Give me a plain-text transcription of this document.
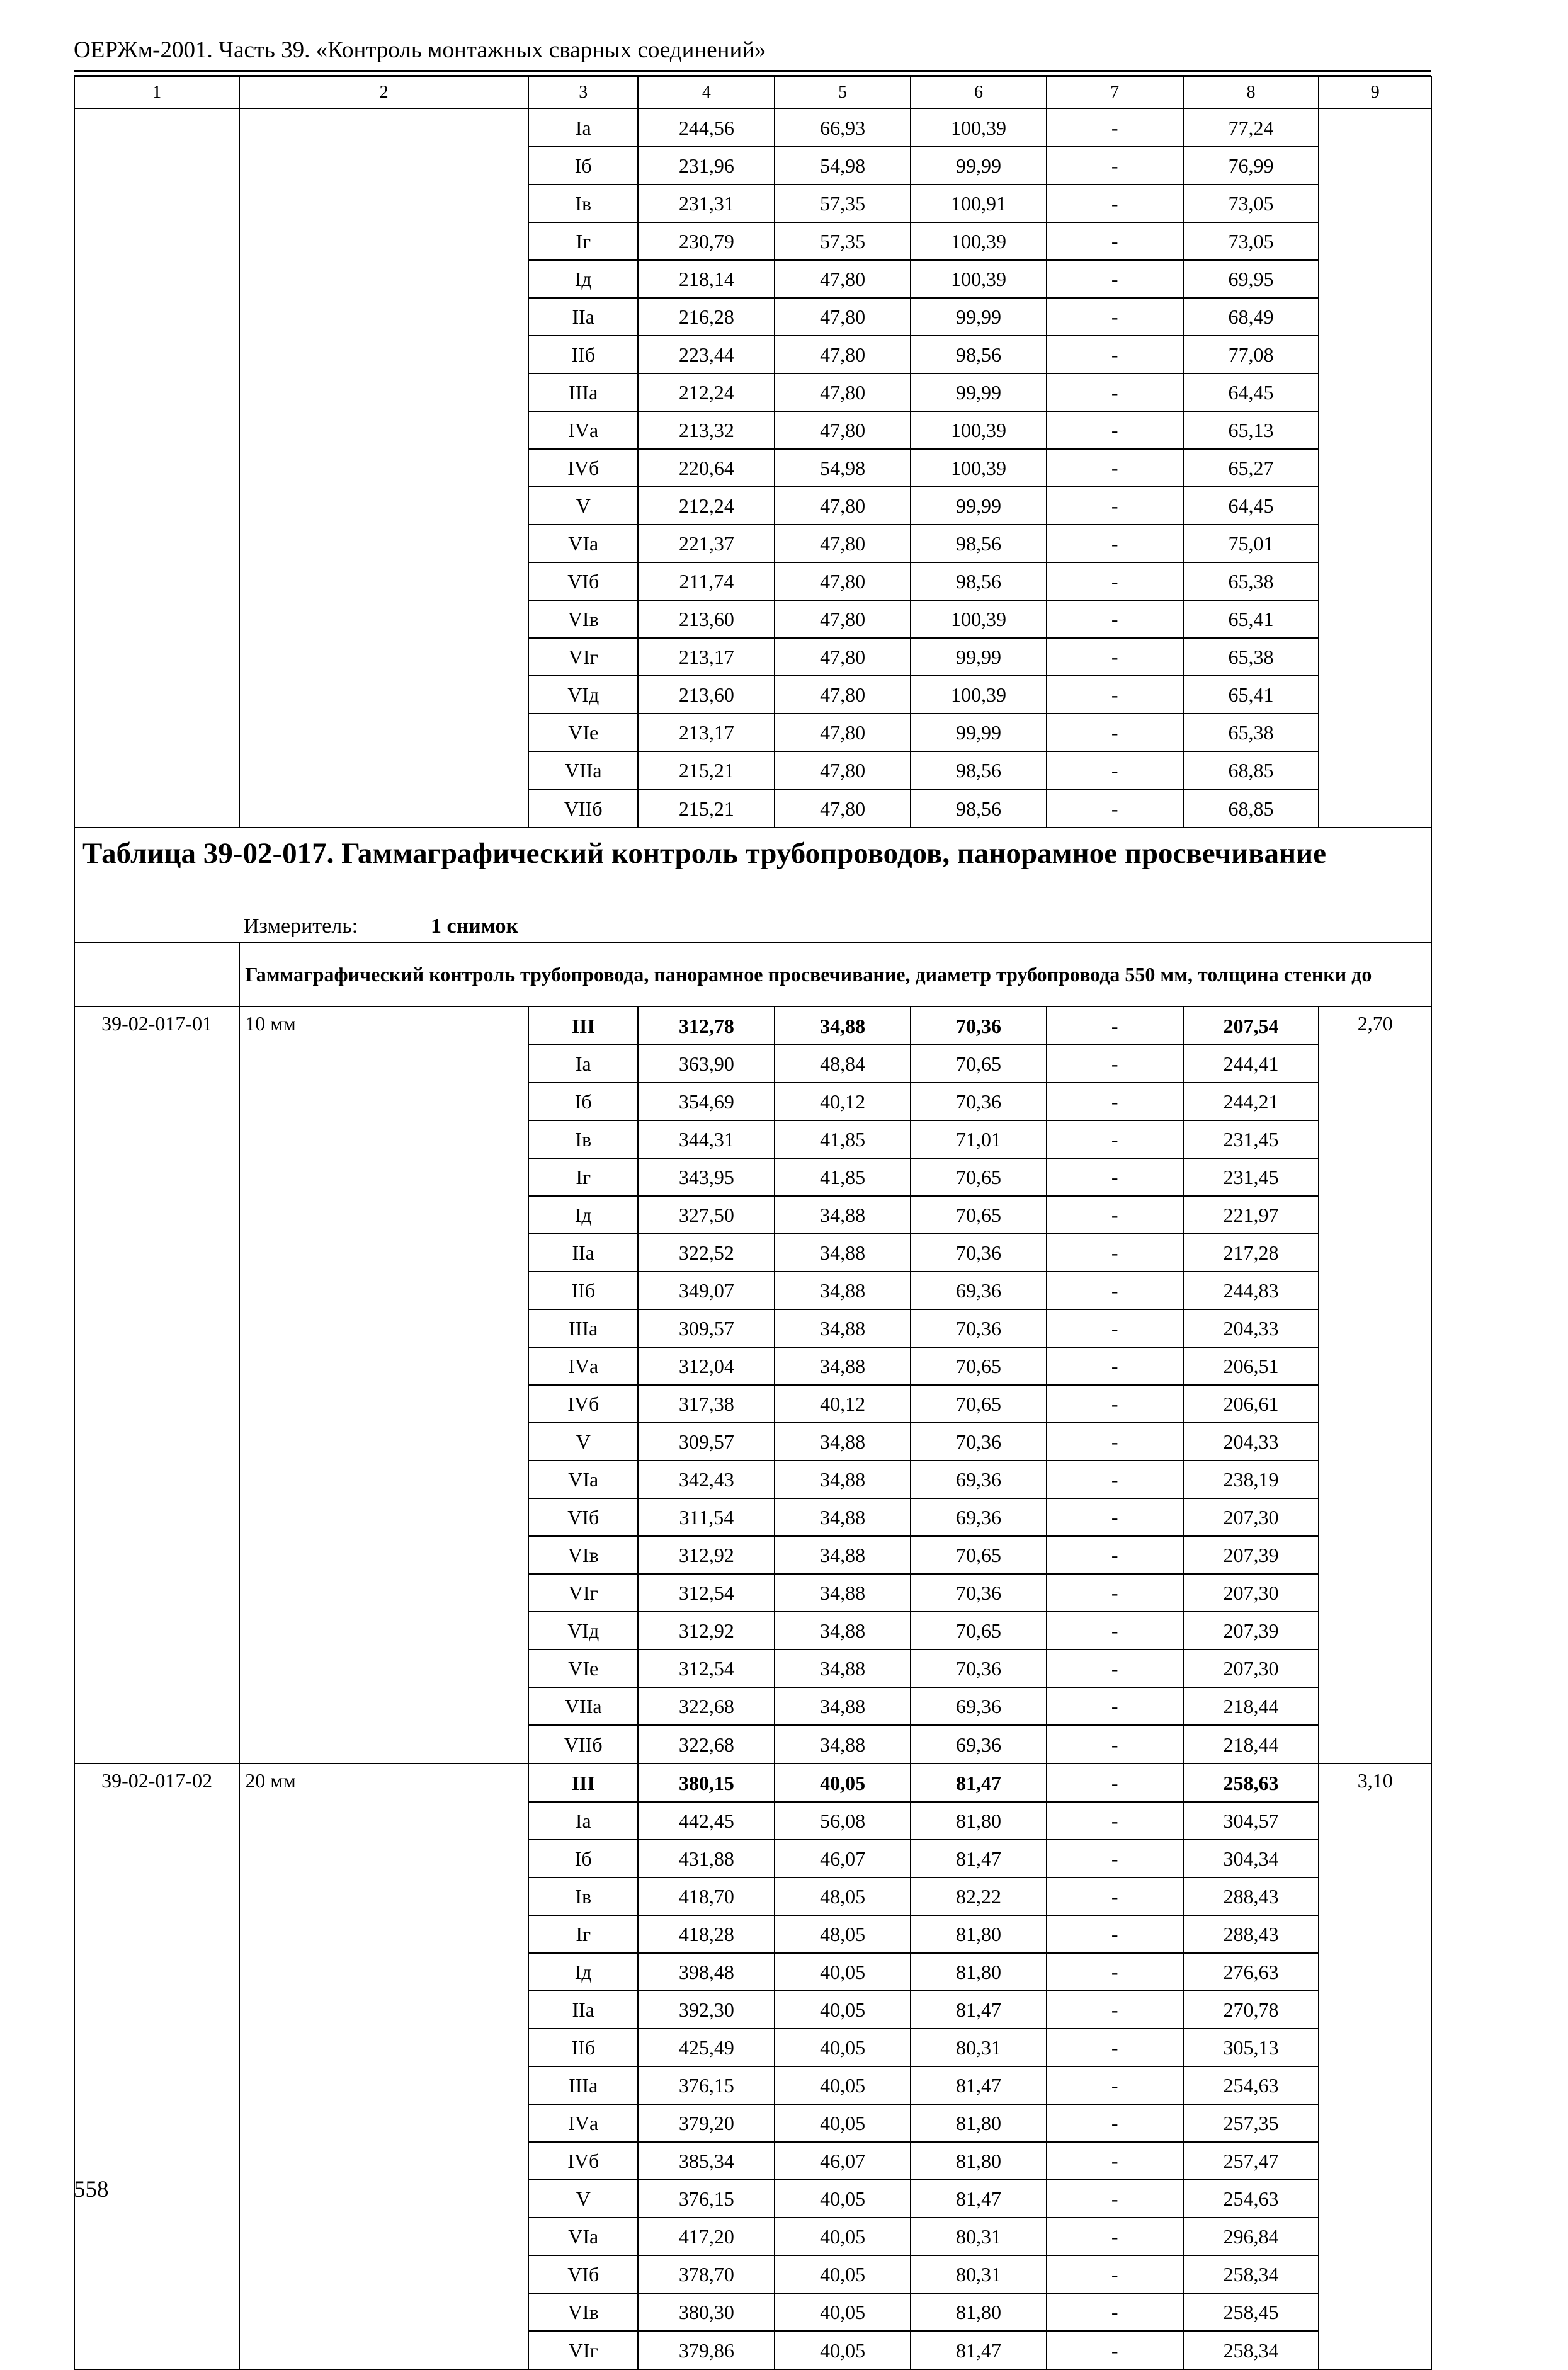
ОЕРЖм-2001. Часть 39. «Контроль монтажных сварных соединений»
1	2	3	4	5	6	7	8	9
		Iа	244,56	66,93	100,39	-	77,24	
		Iб	231,96	54,98	99,99	-	76,99	
		Iв	231,31	57,35	100,91	-	73,05	
		Iг	230,79	57,35	100,39	-	73,05	
		Iд	218,14	47,80	100,39	-	69,95	
		IIа	216,28	47,80	99,99	-	68,49	
		IIб	223,44	47,80	98,56	-	77,08	
		IIIа	212,24	47,80	99,99	-	64,45	
		IVа	213,32	47,80	100,39	-	65,13	
		IVб	220,64	54,98	100,39	-	65,27	
		V	212,24	47,80	99,99	-	64,45	
		VIа	221,37	47,80	98,56	-	75,01	
		VIб	211,74	47,80	98,56	-	65,38	
		VIв	213,60	47,80	100,39	-	65,41	
		VIг	213,17	47,80	99,99	-	65,38	
		VIд	213,60	47,80	100,39	-	65,41	
		VIе	213,17	47,80	99,99	-	65,38	
		VIIа	215,21	47,80	98,56	-	68,85	
		VIIб	215,21	47,80	98,56	-	68,85	
Таблица 39-02-017. Гаммаграфический контроль трубопроводов, панорамное просвечивание								

Измеритель: 1 снимок								

	Гаммаграфический контроль трубопровода, панорамное просвечивание, диаметр трубопровода 550 мм, толщина стенки до							
39-02-017-01	10 мм	III	312,78	34,88	70,36	-	207,54	2,70
		Iа	363,90	48,84	70,65	-	244,41	
		Iб	354,69	40,12	70,36	-	244,21	
		Iв	344,31	41,85	71,01	-	231,45	
		Iг	343,95	41,85	70,65	-	231,45	
		Iд	327,50	34,88	70,65	-	221,97	
		IIа	322,52	34,88	70,36	-	217,28	
		IIб	349,07	34,88	69,36	-	244,83	
		IIIа	309,57	34,88	70,36	-	204,33	
		IVа	312,04	34,88	70,65	-	206,51	
		IVб	317,38	40,12	70,65	-	206,61	
		V	309,57	34,88	70,36	-	204,33	
		VIа	342,43	34,88	69,36	-	238,19	
		VIб	311,54	34,88	69,36	-	207,30	
		VIв	312,92	34,88	70,65	-	207,39	
		VIг	312,54	34,88	70,36	-	207,30	
		VIд	312,92	34,88	70,65	-	207,39	
		VIе	312,54	34,88	70,36	-	207,30	
		VIIа	322,68	34,88	69,36	-	218,44	
		VIIб	322,68	34,88	69,36	-	218,44	
39-02-017-02	20 мм	III	380,15	40,05	81,47	-	258,63	3,10
		Iа	442,45	56,08	81,80	-	304,57	
		Iб	431,88	46,07	81,47	-	304,34	
		Iв	418,70	48,05	82,22	-	288,43	
		Iг	418,28	48,05	81,80	-	288,43	
		Iд	398,48	40,05	81,80	-	276,63	
		IIа	392,30	40,05	81,47	-	270,78	
		IIб	425,49	40,05	80,31	-	305,13	
		IIIа	376,15	40,05	81,47	-	254,63	
		IVа	379,20	40,05	81,80	-	257,35	
		IVб	385,34	46,07	81,80	-	257,47	
		V	376,15	40,05	81,47	-	254,63	
		VIа	417,20	40,05	80,31	-	296,84	
		VIб	378,70	40,05	80,31	-	258,34	
		VIв	380,30	40,05	81,80	-	258,45	
		VIг	379,86	40,05	81,47	-	258,34	
558
